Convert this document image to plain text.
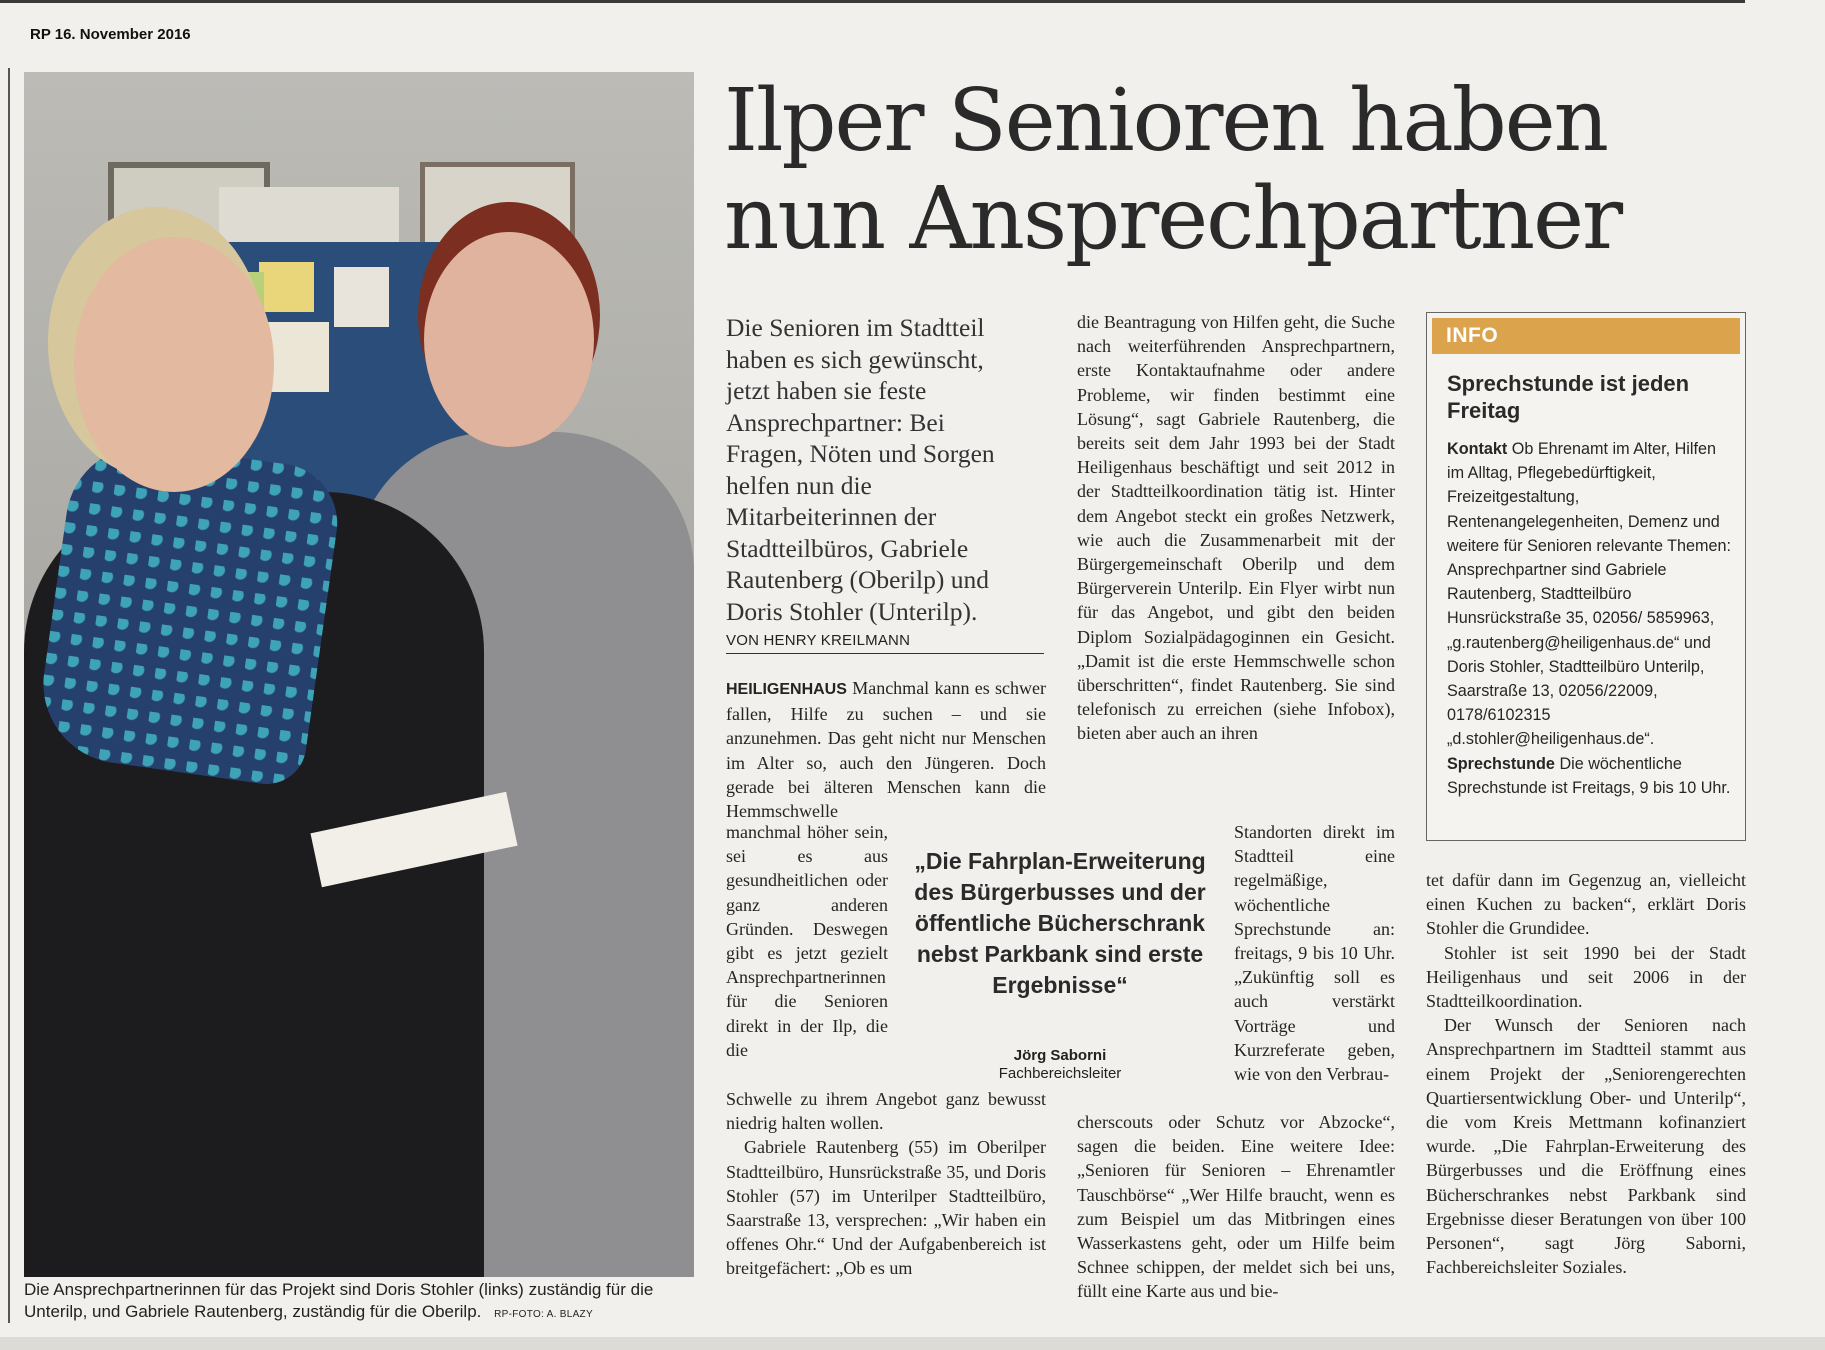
RP 16. November 2016
Die Ansprechpartnerinnen für das Projekt sind Doris Stohler (links) zuständig für die Unterilp, und Gabriele Rautenberg, zuständig für die Oberilp. RP-FOTO: A. BLAZY
Ilper Senioren haben
nun Ansprechpartner
Die Senioren im Stadtteil haben es sich gewünscht, jetzt haben sie feste Ansprechpartner: Bei Fragen, Nöten und Sorgen helfen nun die Mitarbeiterinnen der Stadtteilbüros, Gabriele Rautenberg (Oberilp) und Doris Stohler (Unterilp).
VON HENRY KREILMANN

HEILIGENHAUS Manchmal kann es schwer fallen, Hilfe zu suchen – und sie anzunehmen. Das geht nicht nur Menschen im Alter so, auch den Jüngeren. Doch gerade bei älteren Menschen kann die Hemmschwelle

manchmal höher sein, sei es aus gesundheitlichen oder ganz anderen Gründen. Deswegen gibt es jetzt gezielt Ansprechpartnerinnen für die Senioren direkt in der Ilp, die die

Schwelle zu ihrem Angebot ganz bewusst niedrig halten wollen.

Gabriele Rautenberg (55) im Oberilper Stadtteilbüro, Hunsrückstraße 35, und Doris Stohler (57) im Unterilper Stadtteilbüro, Saarstraße 13, versprechen: „Wir haben ein offenes Ohr.“ Und der Aufgabenbereich ist breitgefächert: „Ob es um

die Beantragung von Hilfen geht, die Suche nach weiterführenden Ansprechpartnern, erste Kontaktaufnahme oder andere Probleme, wir finden bestimmt eine Lösung“, sagt Gabriele Rautenberg, die bereits seit dem Jahr 1993 bei der Stadt Heiligenhaus beschäftigt und seit 2012 in der Stadtteilkoordination tätig ist. Hinter dem Angebot steckt ein großes Netzwerk, wie auch die Zusammenarbeit mit der Bürgergemeinschaft Oberilp und dem Bürgerverein Unterilp. Ein Flyer wirbt nun für das Angebot, und gibt den beiden Diplom Sozialpädagoginnen ein Gesicht. „Damit ist die erste Hemmschwelle schon überschritten“, findet Rautenberg. Sie sind telefonisch zu erreichen (siehe Infobox), bieten aber auch an ihren

Standorten direkt im Stadtteil eine regelmäßige, wöchentliche Sprechstunde an: freitags, 9 bis 10 Uhr. „Zukünftig soll es auch verstärkt Vorträge und Kurzreferate geben, wie von den Verbrau-

cherscouts oder Schutz vor Abzocke“, sagen die beiden. Eine weitere Idee: „Senioren für Senioren – Ehrenamtler Tauschbörse“ „Wer Hilfe braucht, wenn es zum Beispiel um das Mitbringen eines Wasserkastens geht, oder um Hilfe beim Schnee schippen, der meldet sich bei uns, füllt eine Karte aus und bie-

„Die Fahrplan-Erweiterung des Bürgerbusses und der öffentliche Bücherschrank nebst Parkbank sind erste Ergebnisse“
Jörg Saborni
Fachbereichsleiter
INFO
Sprechstunde ist jeden Freitag
Kontakt Ob Ehrenamt im Alter, Hilfen im Alltag, Pflegebedürftigkeit, Freizeitgestaltung, Rentenangelegenheiten, Demenz und weitere für Senioren relevante Themen: Ansprechpartner sind Gabriele Rautenberg, Stadtteilbüro Hunsrückstraße 35, 02056/ 5859963, „g.rautenberg@heiligenhaus.de“ und Doris Stohler, Stadtteilbüro Unterilp, Saarstraße 13, 02056/22009, 0178/6102315 „d.stohler@heiligenhaus.de“. Sprechstunde Die wöchentliche Sprechstunde ist Freitags, 9 bis 10 Uhr.

tet dafür dann im Gegenzug an, vielleicht einen Kuchen zu backen“, erklärt Doris Stohler die Grundidee.

Stohler ist seit 1990 bei der Stadt Heiligenhaus und seit 2006 in der Stadtteilkoordination.

Der Wunsch der Senioren nach Ansprechpartnern im Stadtteil stammt aus einem Projekt der „Seniorengerechten Quartiersentwicklung Ober- und Unterilp“, die vom Kreis Mettmann kofinanziert wurde. „Die Fahrplan-Erweiterung des Bürgerbusses und die Eröffnung eines Bücherschrankes nebst Parkbank sind Ergebnisse dieser Beratungen von über 100 Personen“, sagt Jörg Saborni, Fachbereichsleiter Soziales.
